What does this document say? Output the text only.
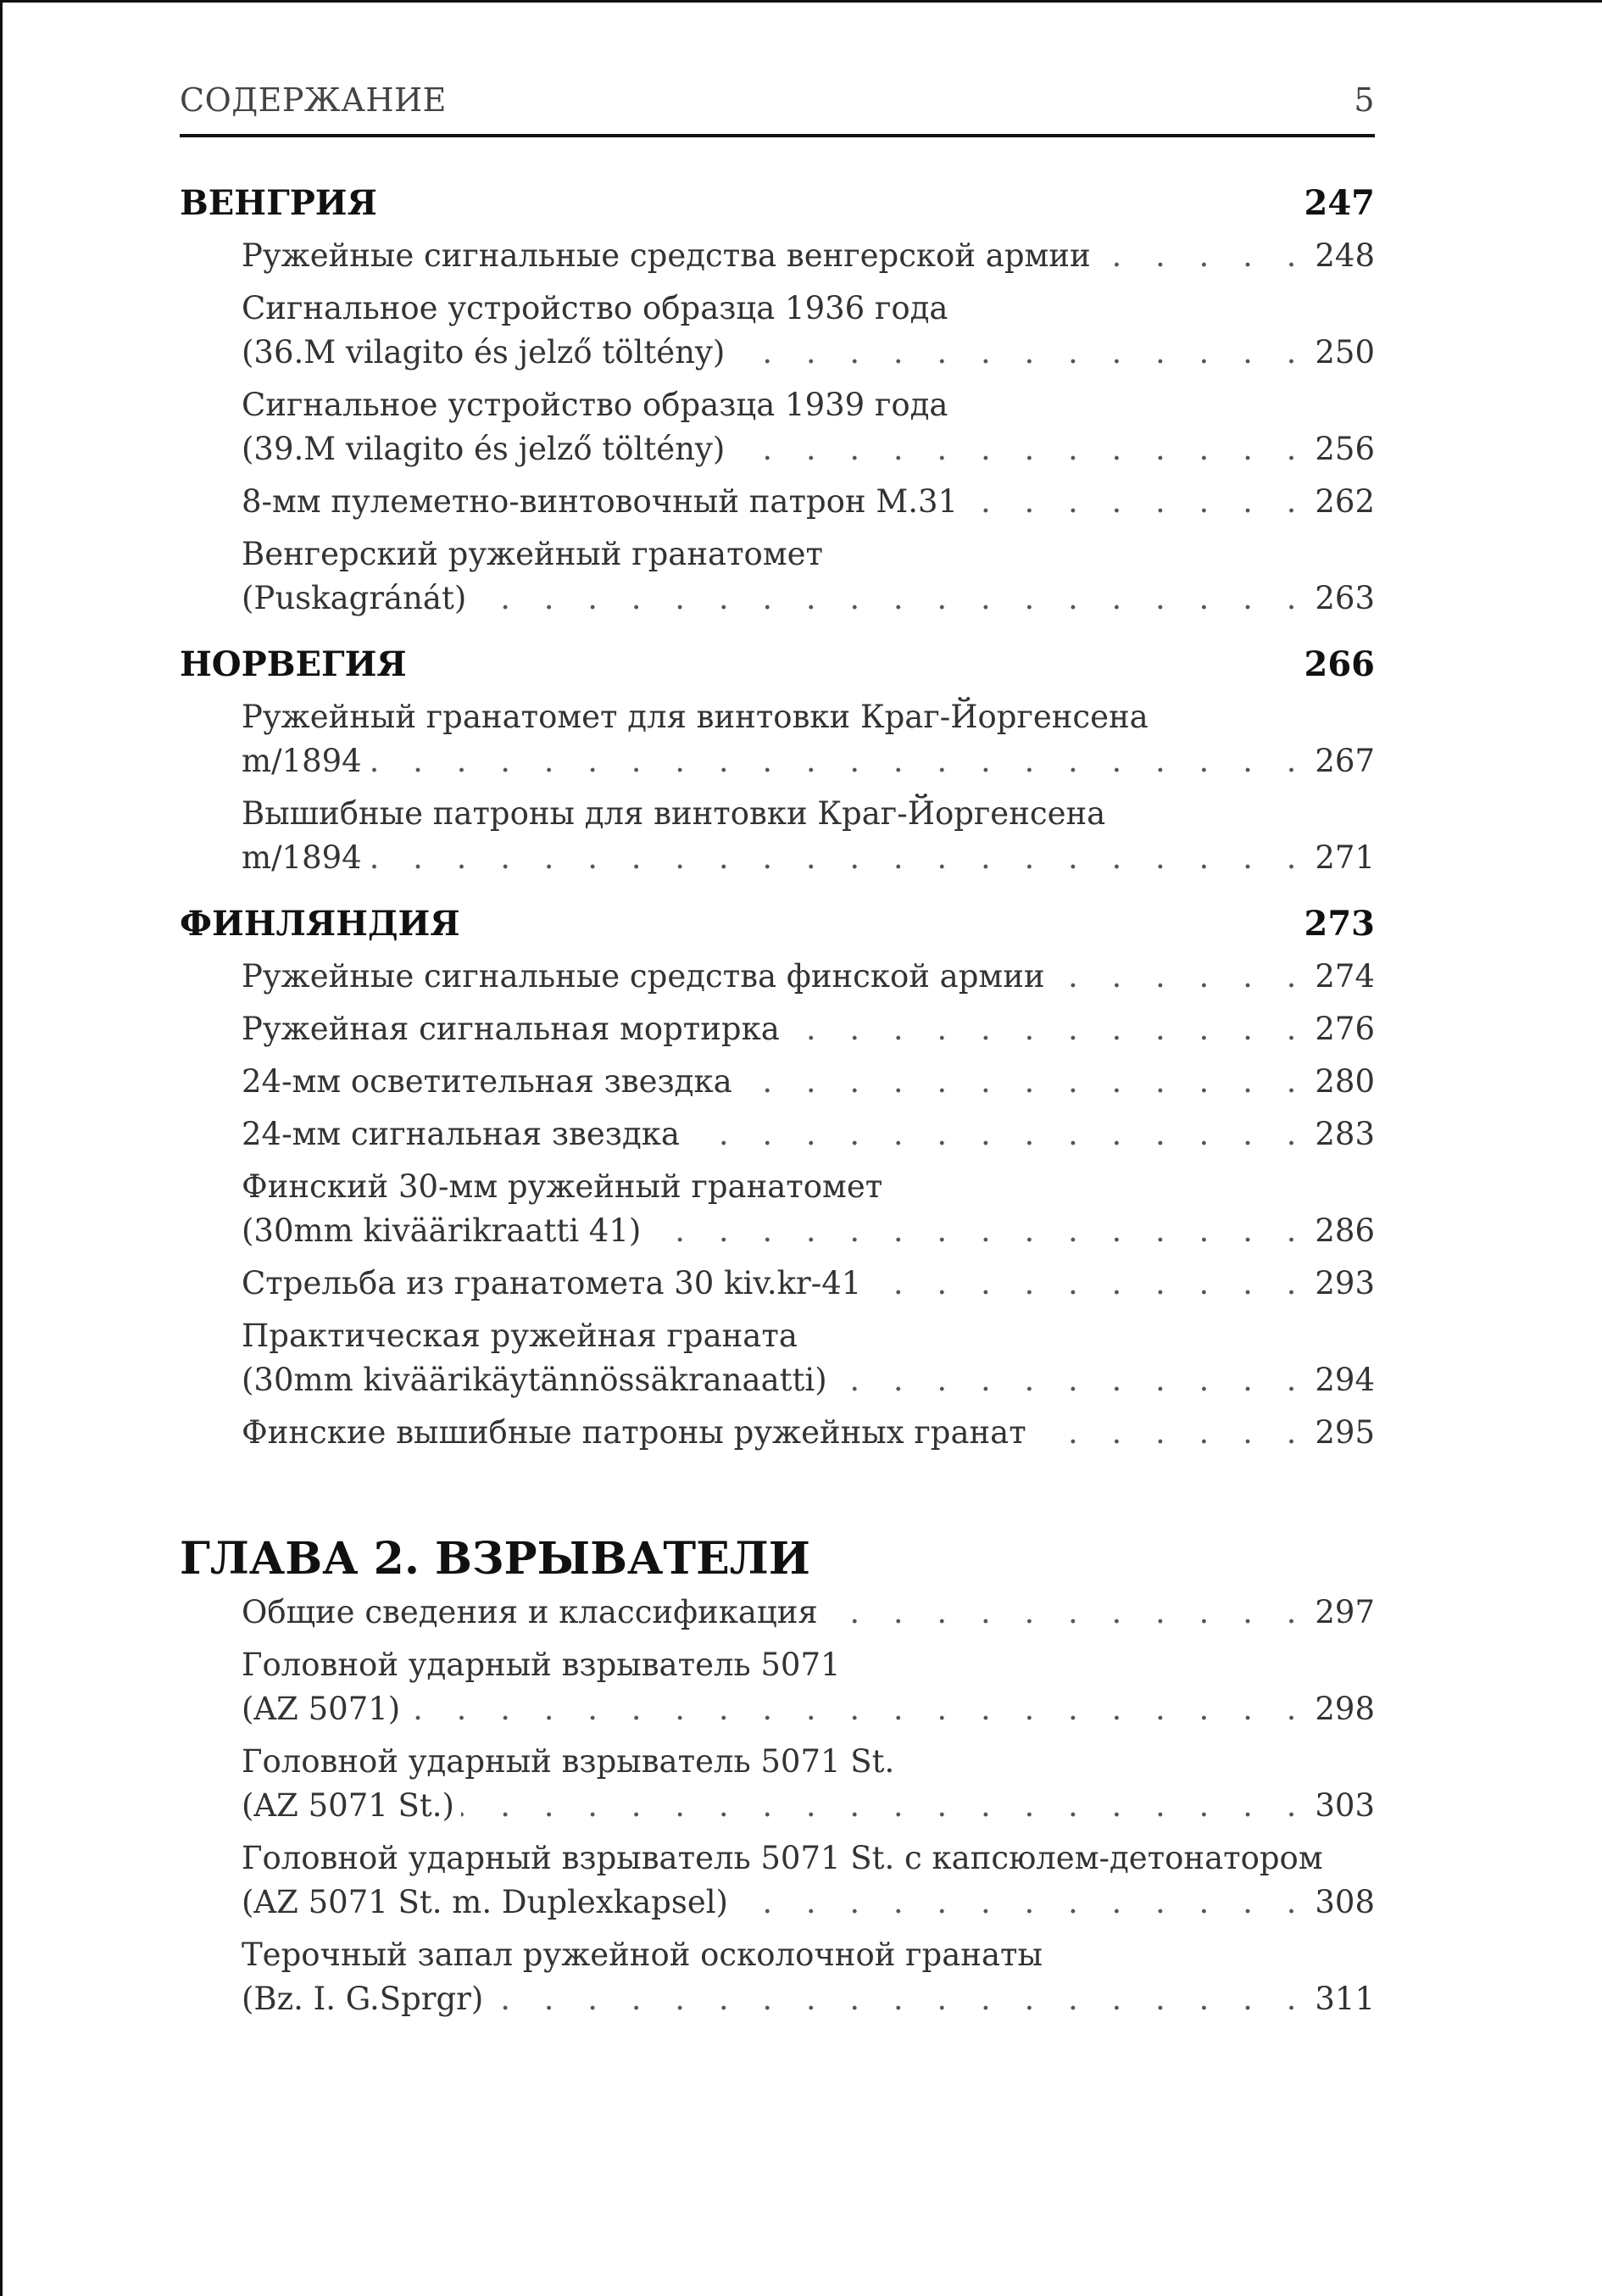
СОДЕРЖАНИЕ	5
ВЕНГРИЯ	247
Ружейные сигнальные средства венгерской армии . . .	248
Сигнальное устройство образца 1936 года
(36.M vilagito és jelző töltény) . . .	250
Сигнальное устройство образца 1939 года
(39.M vilagito és jelző töltény) . . .	256
8-мм пулеметно-винтовочный патрон М.31 . . .	262
Венгерский ружейный гранатомет
(Puskagránát) . . .	263
НОРВЕГИЯ	266
Ружейный гранатомет для винтовки Краг-Йоргенсена
m/1894 . . .	267
Вышибные патроны для винтовки Краг-Йоргенсена
m/1894 . . .	271
ФИНЛЯНДИЯ	273
Ружейные сигнальные средства финской армии . . .	274
Ружейная сигнальная мортирка . . .	276
24-мм осветительная звездка . . .	280
24-мм сигнальная звездка . . .	283
Финский 30-мм ружейный гранатомет
(30mm kiväärikraatti 41) . . .	286
Стрельба из гранатомета 30 kiv.kr-41 . . .	293
Практическая ружейная граната
(30mm kiväärikäytännössäkranaatti) . . .	294
Финские вышибные патроны ружейных гранат . . .	295
ГЛАВА 2. ВЗРЫВАТЕЛИ
Общие сведения и классификация . . .	297
Головной ударный взрыватель 5071
(AZ 5071) . . .	298
Головной ударный взрыватель 5071 St.
(AZ 5071 St.) . . .	303
Головной ударный взрыватель 5071 St. с капсюлем-детонатором
(AZ 5071 St. m. Duplexkapsel) . . .	308
Терочный запал ружейной осколочной гранаты
(Bz. I. G.Sprgr) . . .	311
